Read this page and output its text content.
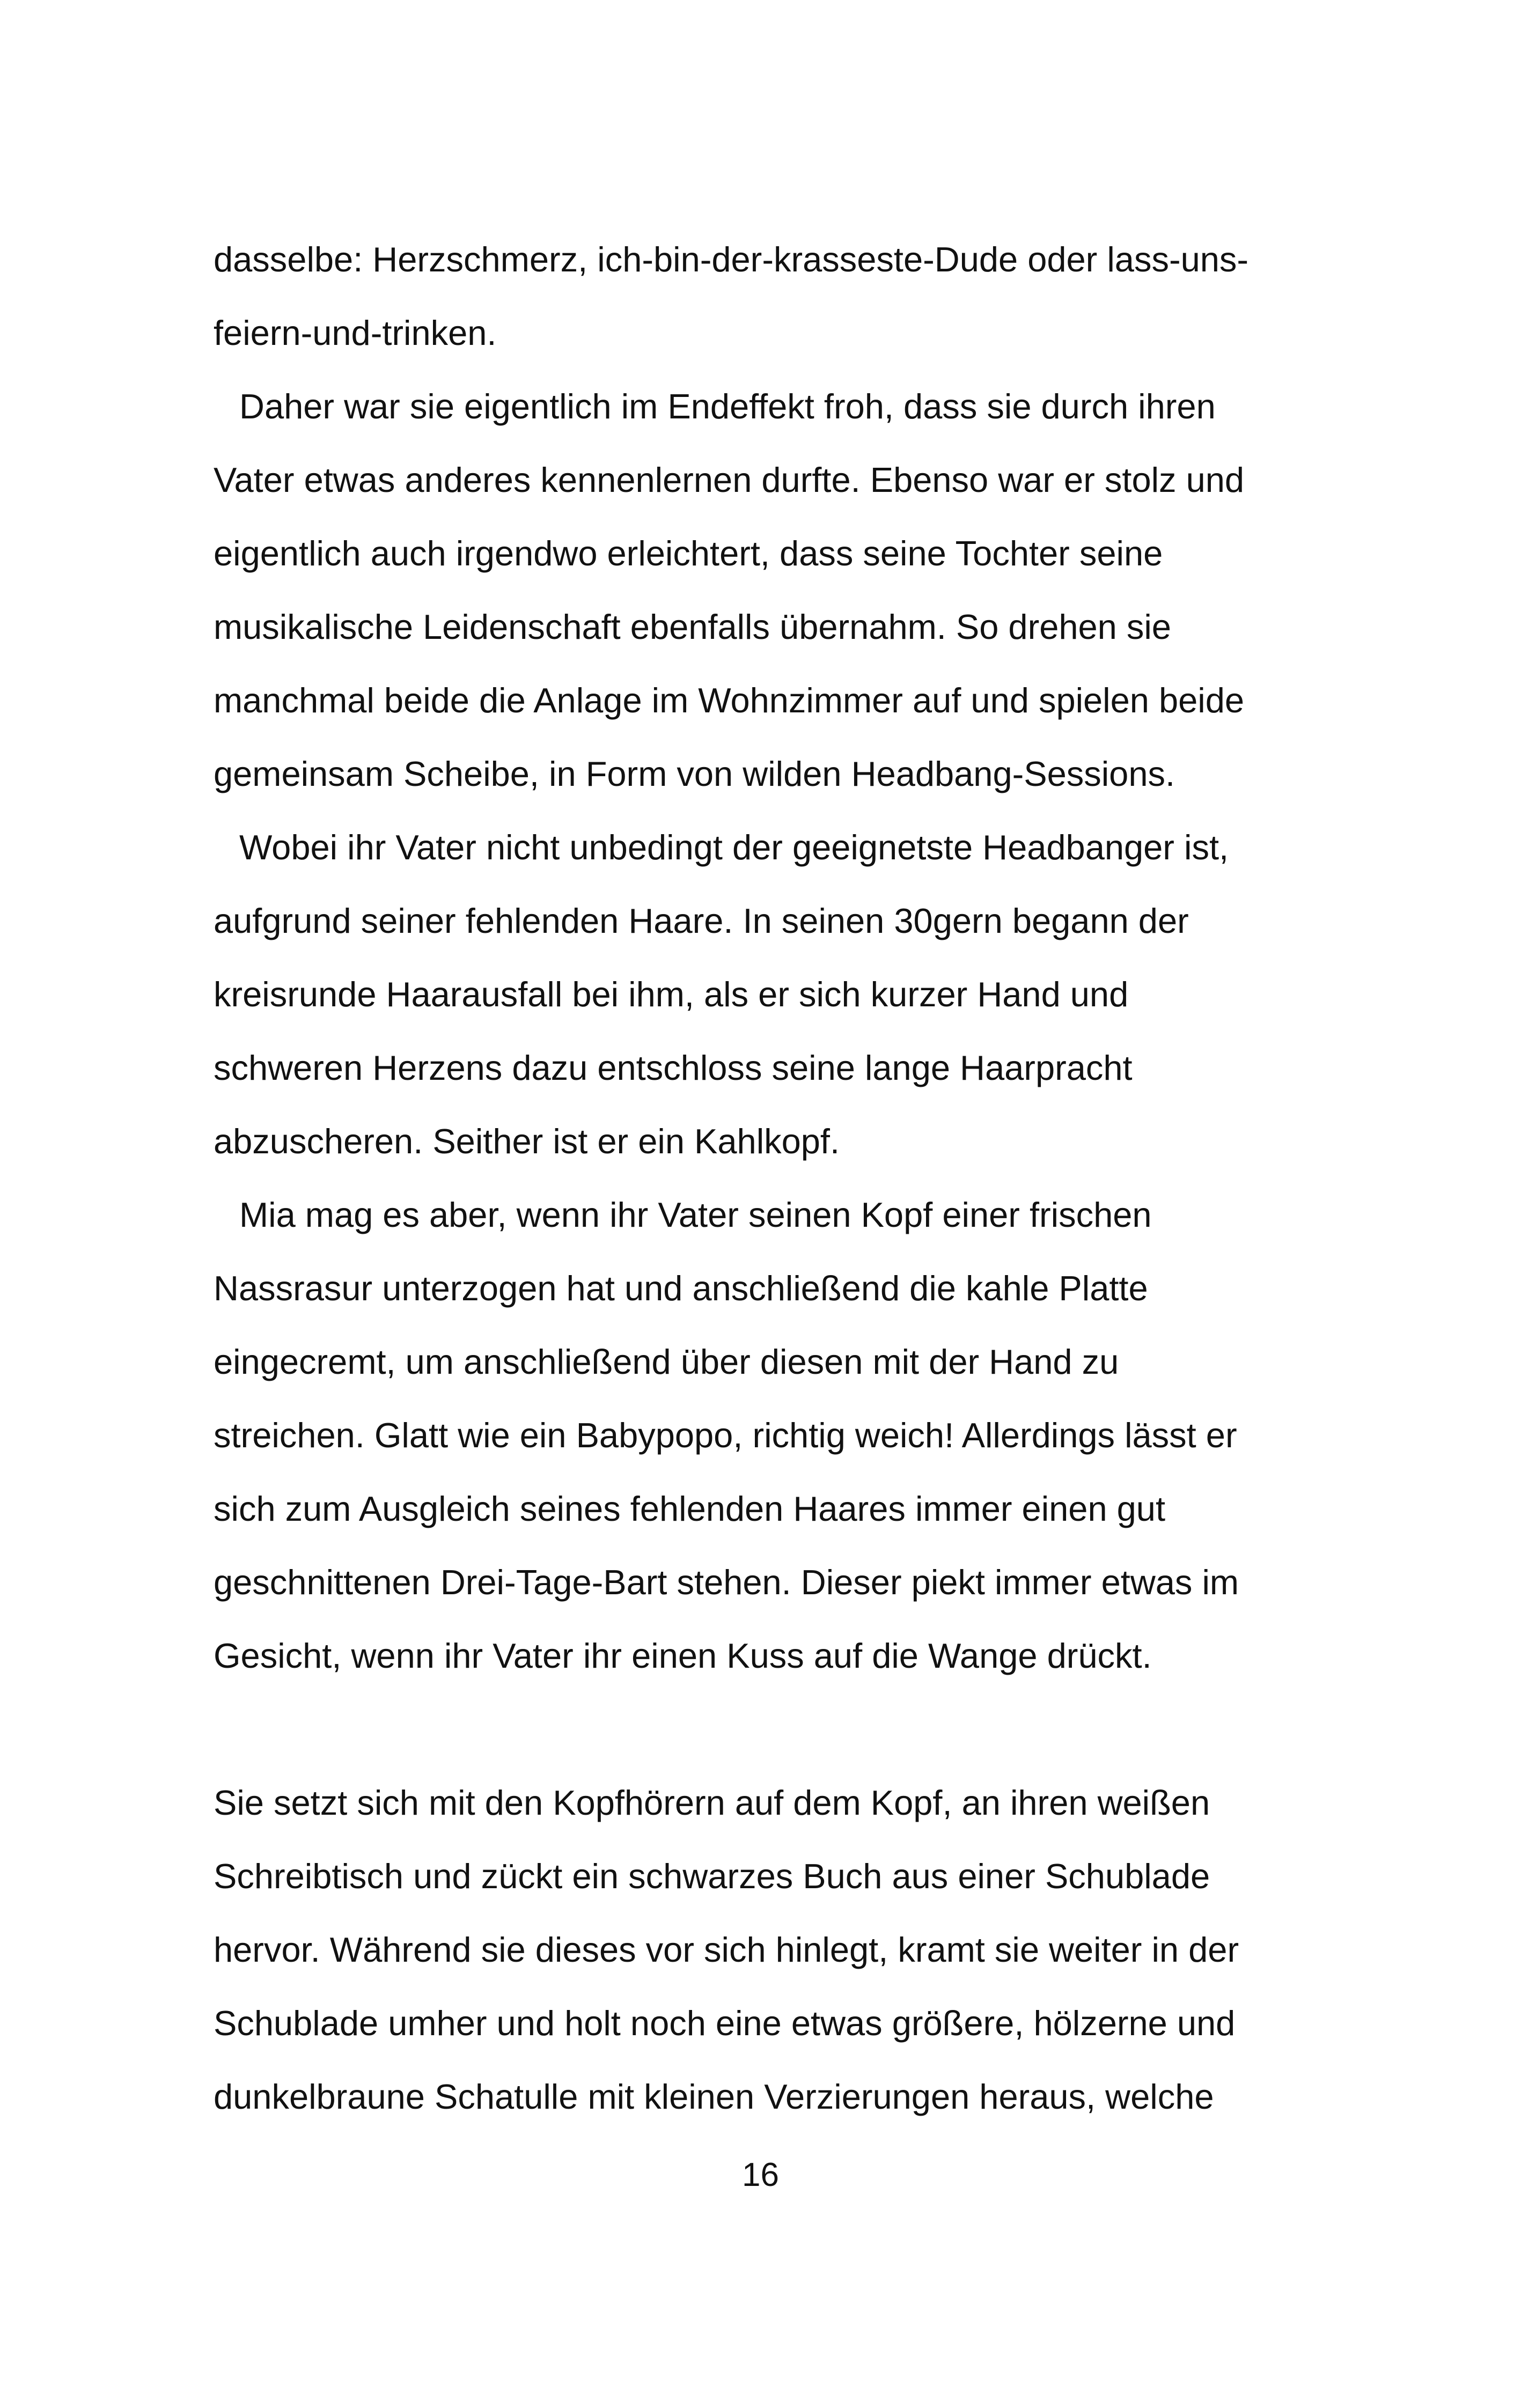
dasselbe: Herzschmerz, ich-bin-der-krasseste-Dude oder lass-uns-
feiern-und-trinken.
Daher war sie eigentlich im Endeffekt froh, dass sie durch ihren
Vater etwas anderes kennenlernen durfte. Ebenso war er stolz und
eigentlich auch irgendwo erleichtert, dass seine Tochter seine
musikalische Leidenschaft ebenfalls übernahm. So drehen sie
manchmal beide die Anlage im Wohnzimmer auf und spielen beide
gemeinsam Scheibe, in Form von wilden Headbang-Sessions.
Wobei ihr Vater nicht unbedingt der geeignetste Headbanger ist,
aufgrund seiner fehlenden Haare. In seinen 30gern begann der
kreisrunde Haarausfall bei ihm, als er sich kurzer Hand und
schweren Herzens dazu entschloss seine lange Haarpracht
abzuscheren. Seither ist er ein Kahlkopf.
Mia mag es aber, wenn ihr Vater seinen Kopf einer frischen
Nassrasur unterzogen hat und anschließend die kahle Platte
eingecremt, um anschließend über diesen mit der Hand zu
streichen. Glatt wie ein Babypopo, richtig weich! Allerdings lässt er
sich zum Ausgleich seines fehlenden Haares immer einen gut
geschnittenen Drei-Tage-Bart stehen. Dieser piekt immer etwas im
Gesicht, wenn ihr Vater ihr einen Kuss auf die Wange drückt.
Sie setzt sich mit den Kopfhörern auf dem Kopf, an ihren weißen
Schreibtisch und zückt ein schwarzes Buch aus einer Schublade
hervor. Während sie dieses vor sich hinlegt, kramt sie weiter in der
Schublade umher und holt noch eine etwas größere, hölzerne und
dunkelbraune Schatulle mit kleinen Verzierungen heraus, welche
16
